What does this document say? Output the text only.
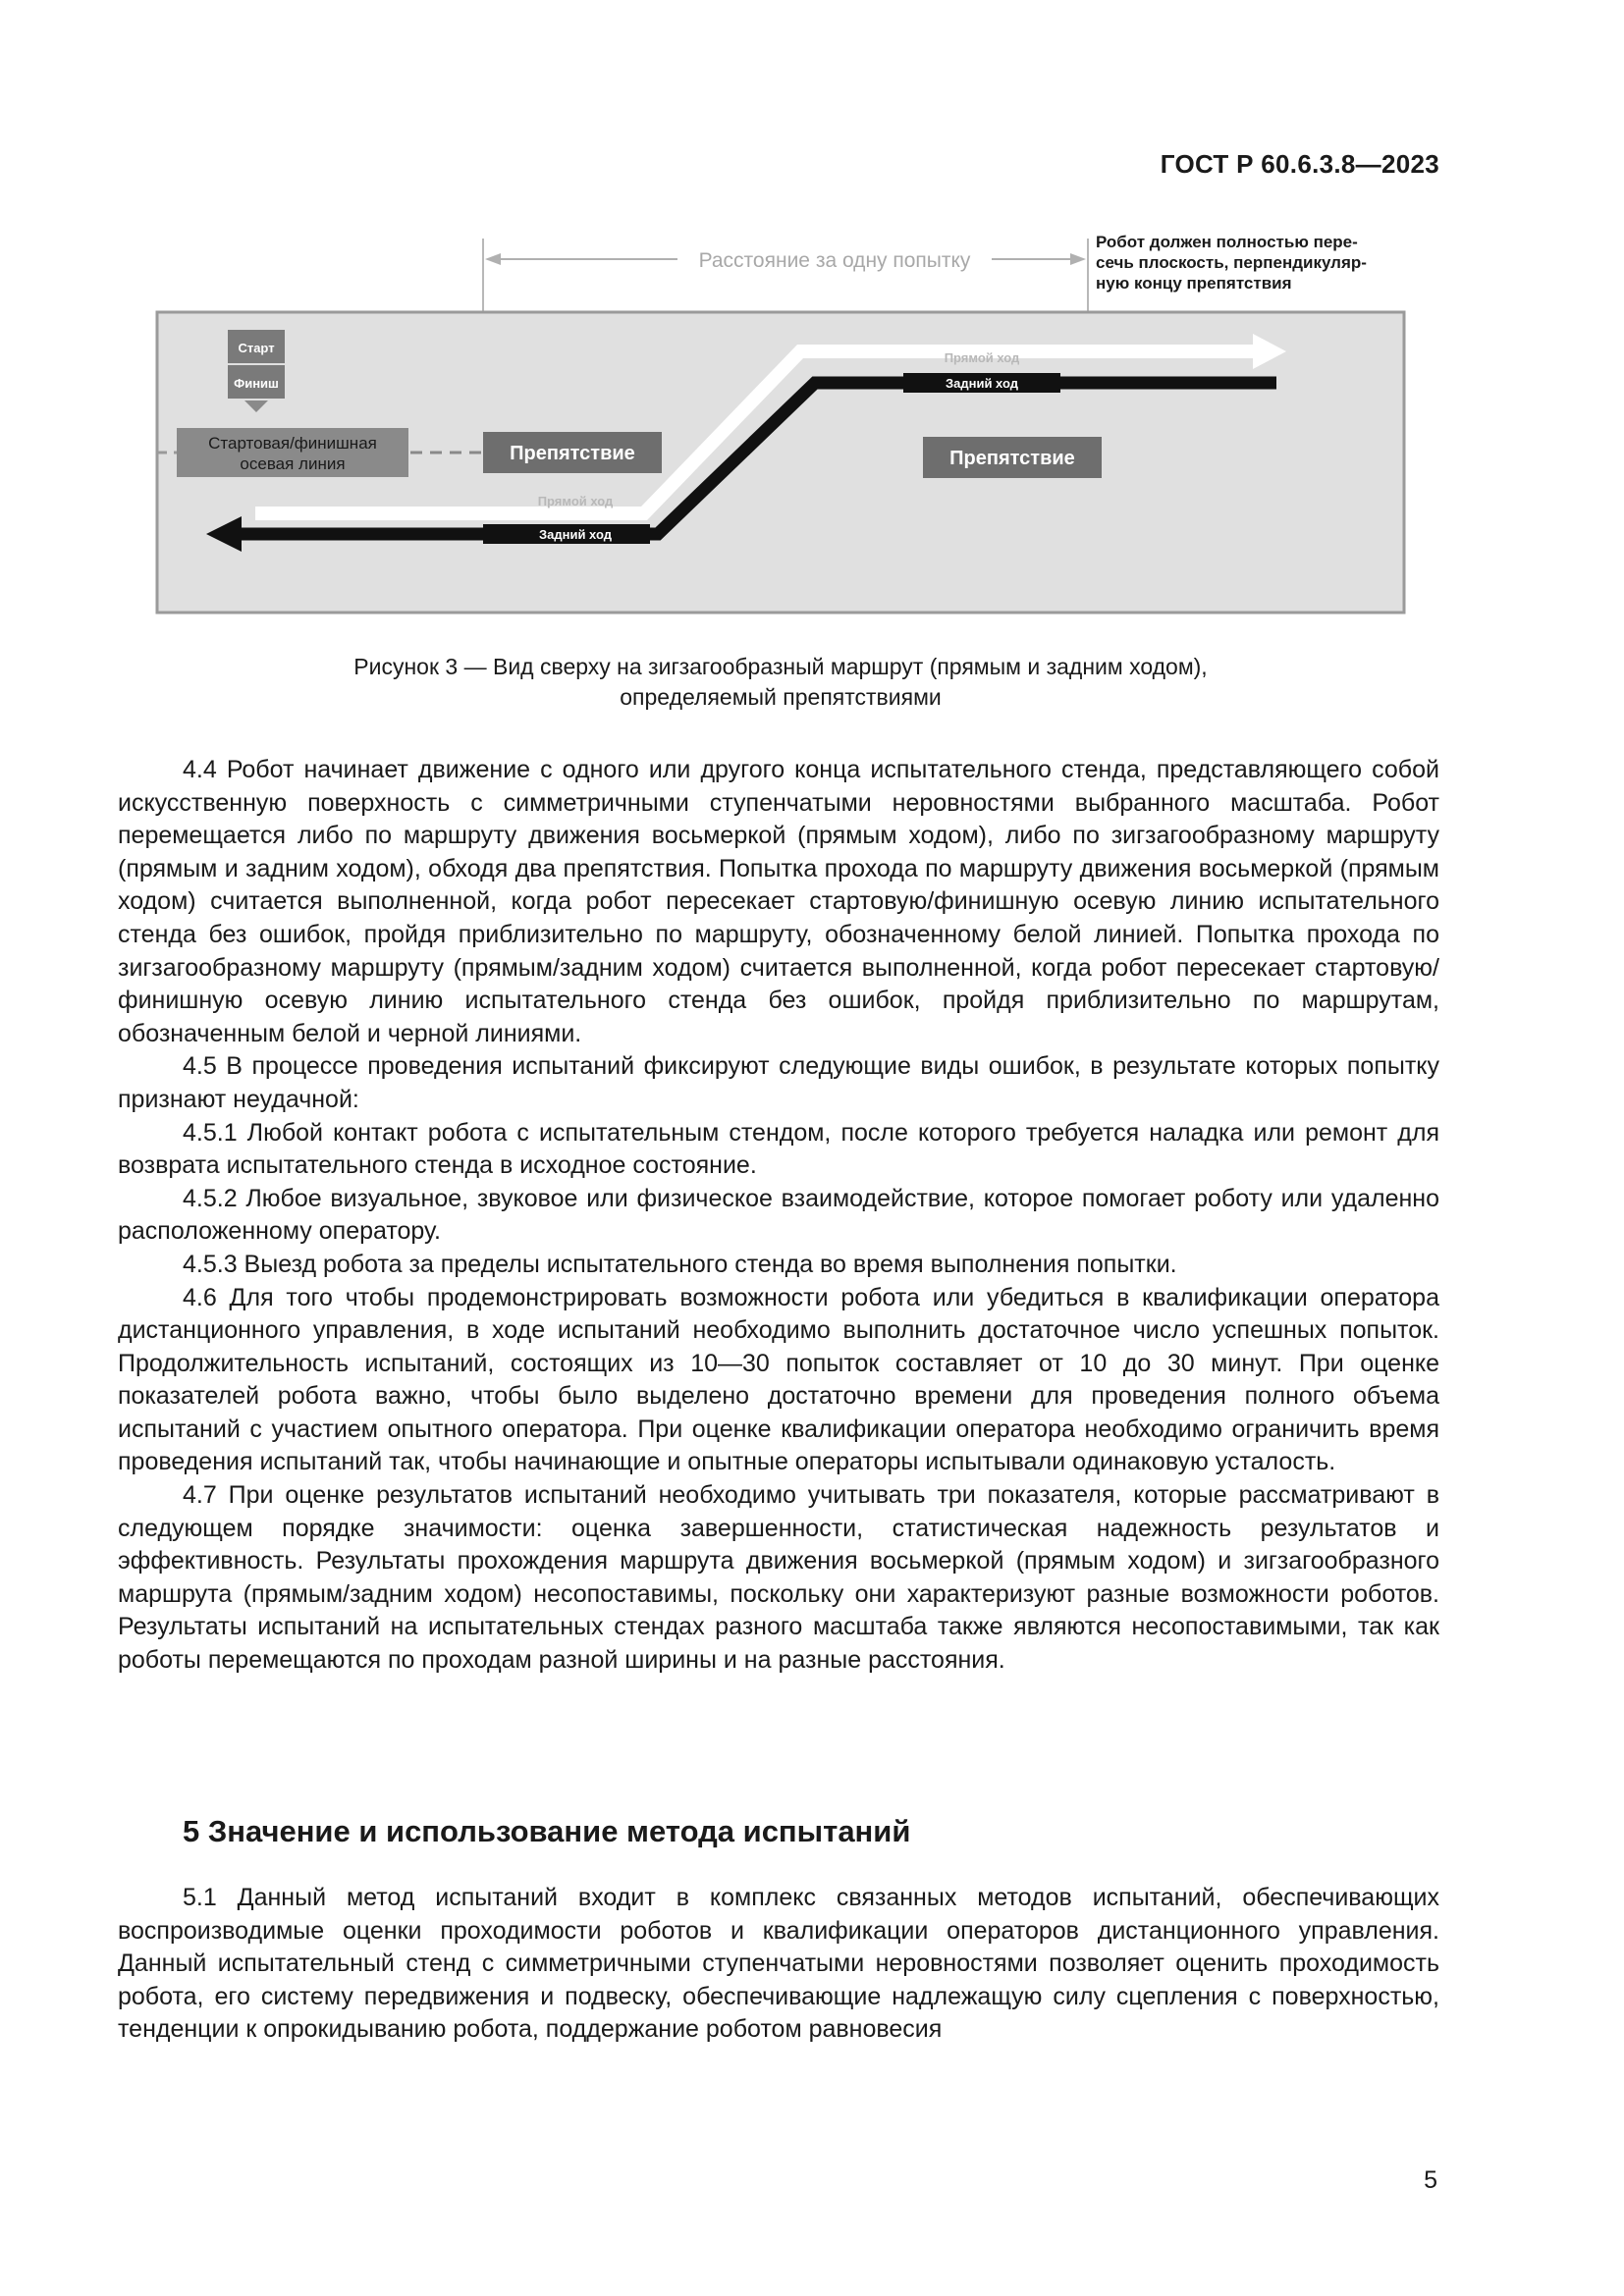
ГОСТ Р 60.6.3.8—2023
Расстояние за одну попытку
Робот должен полностью пере-
сечь плоскость, перпендикуляр-
ную концу препятствия
Старт
Финиш
Стартовая/финишная
осевая линия	Препятствие	Препятствие
Прямой ход
Задний ход
Прямой ход
Задний ход
Рисунок 3 — Вид сверху на зигзагообразный маршрут (прямым и задним ходом),
определяемый препятствиями

4.4 Робот начинает движение с одного или другого конца испытательного стенда, представляющего собой искусственную поверхность с симметричными ступенчатыми неровностями выбранного масштаба. Робот перемещается либо по маршруту движения восьмеркой (прямым ходом), либо по зигзагообразному маршруту (прямым и задним ходом), обходя два препятствия. Попытка прохода по маршруту движения восьмеркой (прямым ходом) считается выполненной, когда робот пересекает стартовую/финишную осевую линию испытательного стенда без ошибок, пройдя приблизительно по маршруту, обозначенному белой линией. Попытка прохода по зигзагообразному маршруту (прямым/задним ходом) считается выполненной, когда робот пересекает стартовую/финишную осевую линию испытательного стенда без ошибок, пройдя приблизительно по маршрутам, обозначенным белой и черной линиями.

4.5 В процессе проведения испытаний фиксируют следующие виды ошибок, в результате которых попытку признают неудачной:

4.5.1 Любой контакт робота с испытательным стендом, после которого требуется наладка или ремонт для возврата испытательного стенда в исходное состояние.

4.5.2 Любое визуальное, звуковое или физическое взаимодействие, которое помогает роботу или удаленно расположенному оператору.

4.5.3 Выезд робота за пределы испытательного стенда во время выполнения попытки.

4.6 Для того чтобы продемонстрировать возможности робота или убедиться в квалификации оператора дистанционного управления, в ходе испытаний необходимо выполнить достаточное число успешных попыток. Продолжительность испытаний, состоящих из 10—30 попыток составляет от 10 до 30 минут. При оценке показателей робота важно, чтобы было выделено достаточно времени для проведения полного объема испытаний с участием опытного оператора. При оценке квалификации оператора необходимо ограничить время проведения испытаний так, чтобы начинающие и опытные операторы испытывали одинаковую усталость.

4.7 При оценке результатов испытаний необходимо учитывать три показателя, которые рассматривают в следующем порядке значимости: оценка завершенности, статистическая надежность результатов и эффективность. Результаты прохождения маршрута движения восьмеркой (прямым ходом) и зигзагообразного маршрута (прямым/задним ходом) несопоставимы, поскольку они характеризуют разные возможности роботов. Результаты испытаний на испытательных стендах разного масштаба также являются несопоставимыми, так как роботы перемещаются по проходам разной ширины и на разные расстояния.

5 Значение и использование метода испытаний

5.1 Данный метод испытаний входит в комплекс связанных методов испытаний, обеспечивающих воспроизводимые оценки проходимости роботов и квалификации операторов дистанционного управления. Данный испытательный стенд с симметричными ступенчатыми неровностями позволяет оценить проходимость робота, его систему передвижения и подвеску, обеспечивающие надлежащую силу сцепления с поверхностью, тенденции к опрокидыванию робота, поддержание роботом равновесия

5
